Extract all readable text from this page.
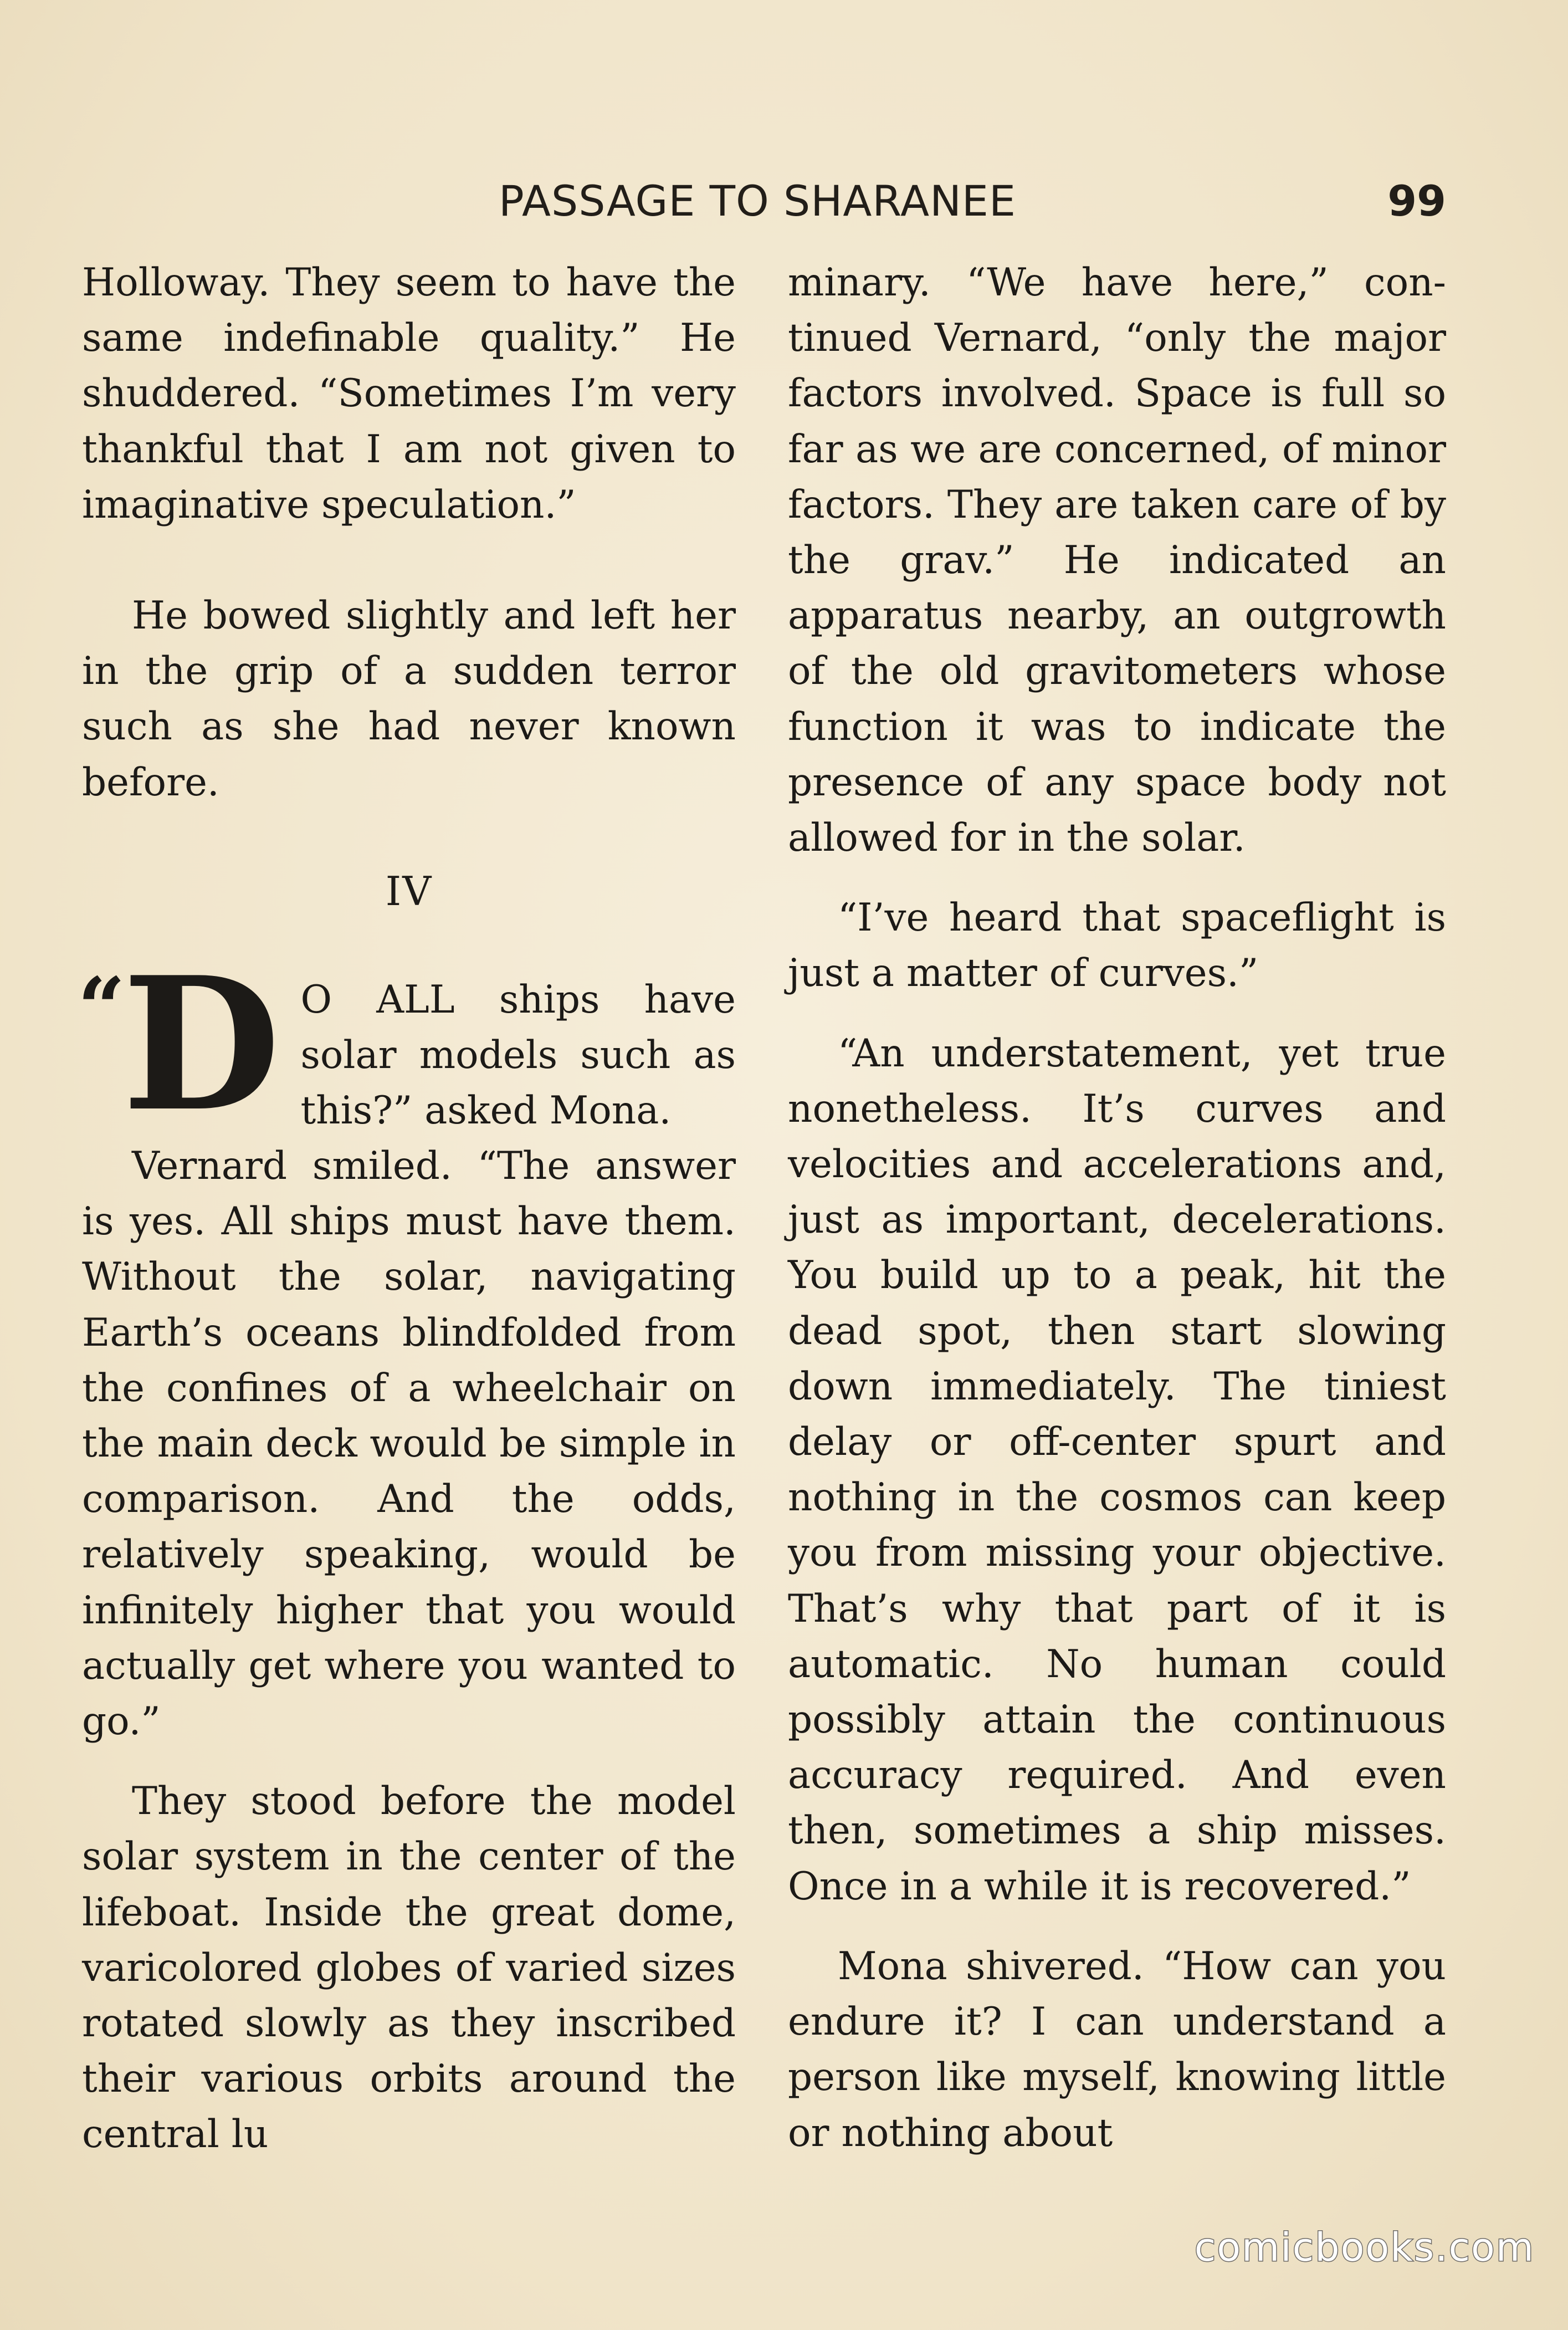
PASSAGE TO SHARANEE	99

Holloway. They seem to have the same indefinable quality.” He shuddered. “Sometimes I’m very thankful that I am not given to imaginative speculation.”

He bowed slightly and left her in the grip of a sudden terror such as she had never known before.

IV

“
D O ALL ships have solar models such as this?” asked Mona.

Vernard smiled. “The answer is yes. All ships must have them. Without the solar, navigating Earth’s oceans blindfolded from the confines of a wheelchair on the main deck would be simple in comparison. And the odds, relatively speaking, would be infinitely higher that you would actually get where you wanted to go.”

They stood before the model solar system in the center of the lifeboat. Inside the great dome, varicolored globes of varied sizes rotated slowly as they inscribed their various orbits around the central lu

minary. “We have here,” continued Vernard, “only the major factors involved. Space is full so far as we are concerned, of minor factors. They are taken care of by the grav.” He indicated an apparatus nearby, an outgrowth of the old gravitometers whose function it was to indicate the presence of any space body not allowed for in the solar.

“I’ve heard that spaceflight is just a matter of curves.”

“An understatement, yet true nonetheless. It’s curves and velocities and accelerations and, just as important, decelerations. You build up to a peak, hit the dead spot, then start slowing down immediately. The tiniest delay or off-center spurt and nothing in the cosmos can keep you from missing your objective. That’s why that part of it is automatic. No human could possibly attain the continuous accuracy required. And even then, sometimes a ship misses. Once in a while it is recovered.”

Mona shivered. “How can you endure it? I can understand a person like myself, knowing little or nothing about

comicbooks.com
